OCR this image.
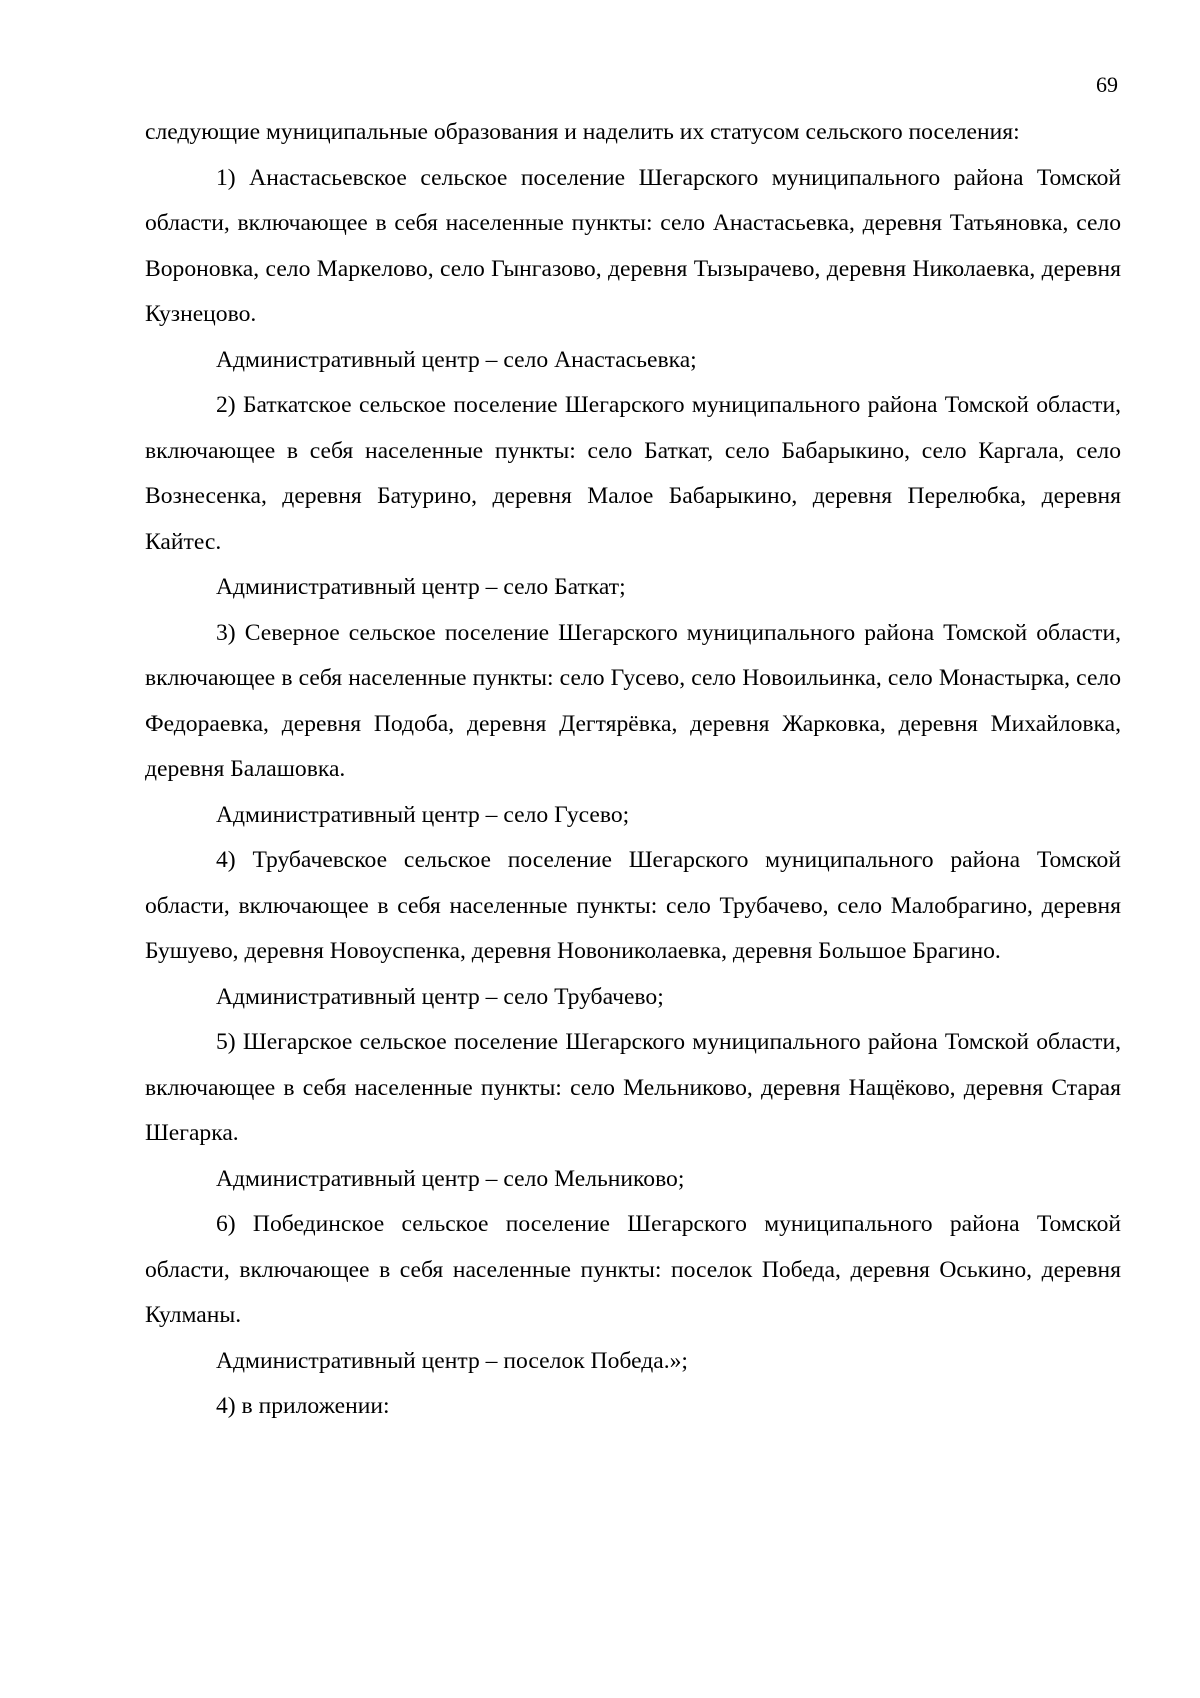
69

следующие муниципальные образования и наделить их статусом сельского поселения:

1) Анастасьевское сельское поселение Шегарского муниципального района Томской области, включающее в себя населенные пункты: село Анастасьевка, деревня Татьяновка, село Вороновка, село Маркелово, село Гынгазово, деревня Тызырачево, деревня Николаевка, деревня Кузнецово.

Административный центр – село Анастасьевка;

2) Баткатское сельское поселение Шегарского муниципального района Томской области, включающее в себя населенные пункты: село Баткат, село Бабарыкино, село Каргала, село Вознесенка, деревня Батурино, деревня Малое Бабарыкино, деревня Перелюбка, деревня Кайтес.

Административный центр – село Баткат;

3) Северное сельское поселение Шегарского муниципального района Томской области, включающее в себя населенные пункты: село Гусево, село Новоильинка, село Монастырка, село Федораевка, деревня Подоба, деревня Дегтярёвка, деревня Жарковка, деревня Михайловка, деревня Балашовка.

Административный центр – село Гусево;

4) Трубачевское сельское поселение Шегарского муниципального района Томской области, включающее в себя населенные пункты: село Трубачево, село Малобрагино, деревня Бушуево, деревня Новоуспенка, деревня Новониколаевка, деревня Большое Брагино.

Административный центр – село Трубачево;

5) Шегарское сельское поселение Шегарского муниципального района Томской области, включающее в себя населенные пункты: село Мельниково, деревня Нащёково, деревня Старая Шегарка.

Административный центр – село Мельниково;

6) Побединское сельское поселение Шегарского муниципального района Томской области, включающее в себя населенные пункты: поселок Победа, деревня Оськино, деревня Кулманы.

Административный центр – поселок Победа.»;

4) в приложении:
